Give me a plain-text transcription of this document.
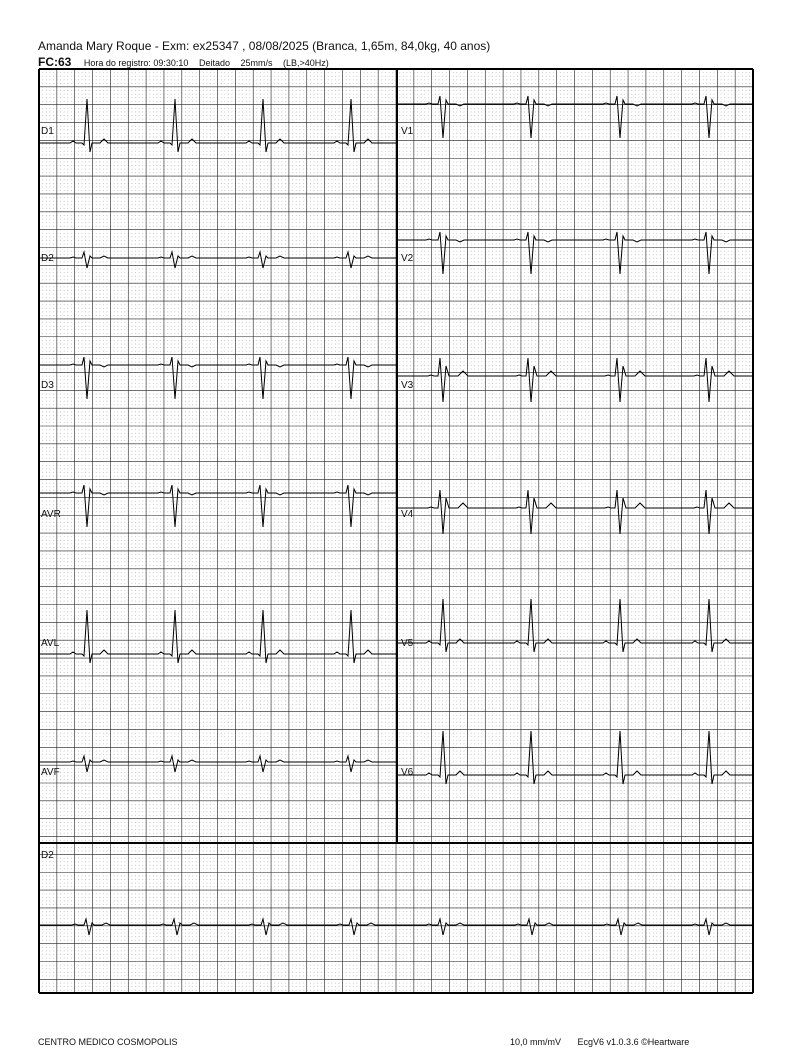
Amanda Mary Roque - Exm: ex25347 , 08/08/2025 (Branca, 1,65m, 84,0kg, 40 anos)
FC:63 Hora do registro: 09:30:10 Deitado 25mm/s (LB,>40Hz)
D1
D2
D3
AVR
AVL
AVF
V1
V2
V3
V4
V5
V6
D2
CENTRO MEDICO COSMOPOLIS	10,0 mm/mV EcgV6 v1.0.3.6 ©Heartware
